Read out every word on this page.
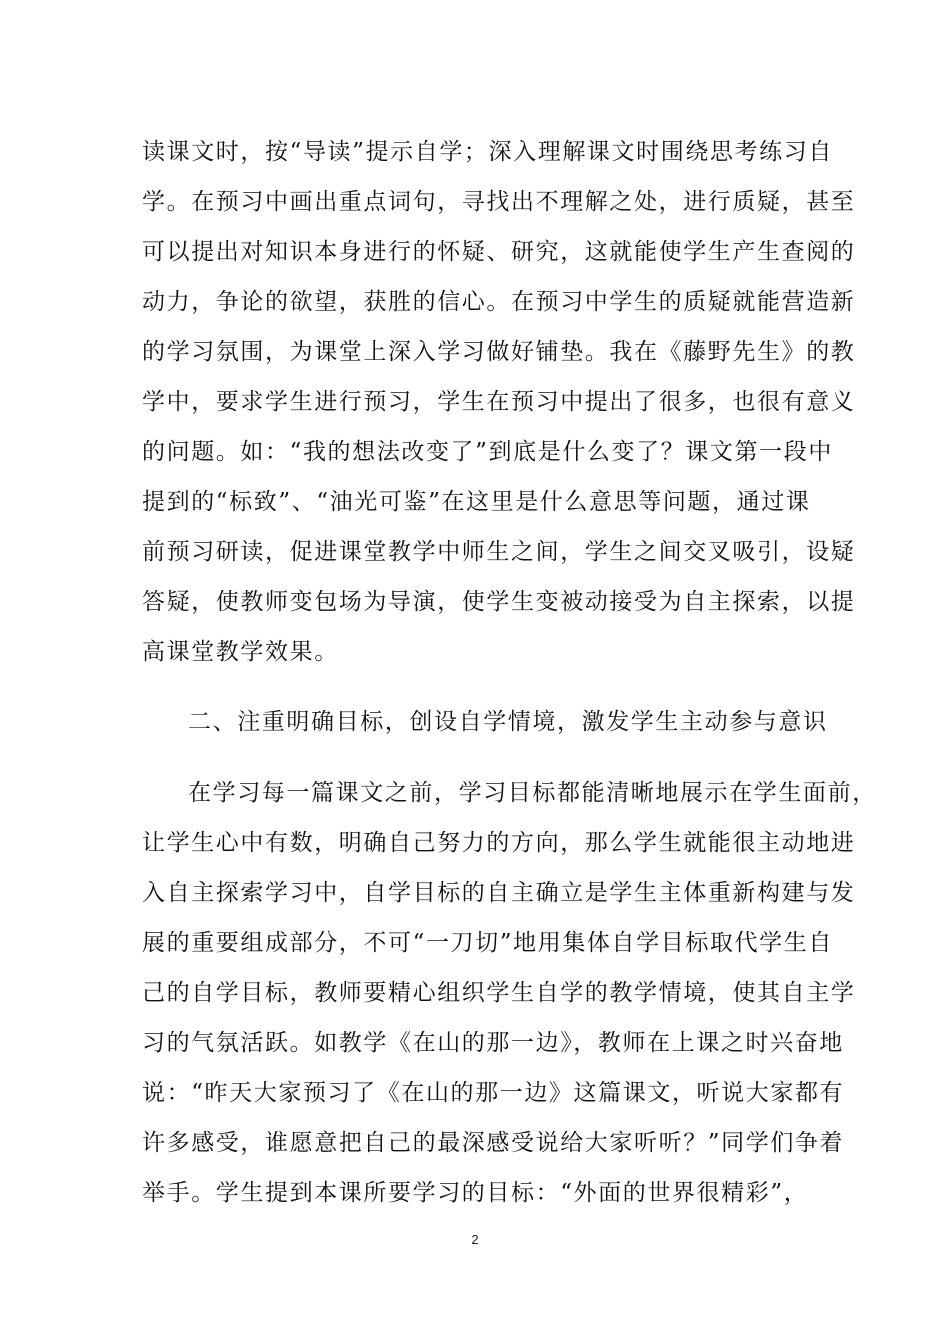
读课文时，按“导读”提示自学；深入理解课文时围绕思考练习自
学。在预习中画出重点词句，寻找出不理解之处，进行质疑，甚至
可以提出对知识本身进行的怀疑、研究，这就能使学生产生查阅的
动力，争论的欲望，获胜的信心。在预习中学生的质疑就能营造新
的学习氛围，为课堂上深入学习做好铺垫。我在《藤野先生》的教
学中，要求学生进行预习，学生在预习中提出了很多，也很有意义
的问题。如：“我的想法改变了”到底是什么变了？课文第一段中
提到的“标致”、“油光可鉴”在这里是什么意思等问题，通过课
前预习研读，促进课堂教学中师生之间，学生之间交叉吸引，设疑
答疑，使教师变包场为导演，使学生变被动接受为自主探索，以提
高课堂教学效果。
二、注重明确目标，创设自学情境，激发学生主动参与意识
在学习每一篇课文之前，学习目标都能清晰地展示在学生面前，
让学生心中有数，明确自己努力的方向，那么学生就能很主动地进
入自主探索学习中，自学目标的自主确立是学生主体重新构建与发
展的重要组成部分，不可“一刀切”地用集体自学目标取代学生自
己的自学目标，教师要精心组织学生自学的教学情境，使其自主学
习的气氛活跃。如教学《在山的那一边》，教师在上课之时兴奋地
说：“昨天大家预习了《在山的那一边》这篇课文，听说大家都有
许多感受，谁愿意把自己的最深感受说给大家听听？”同学们争着
举手。学生提到本课所要学习的目标：“外面的世界很精彩”，
2
